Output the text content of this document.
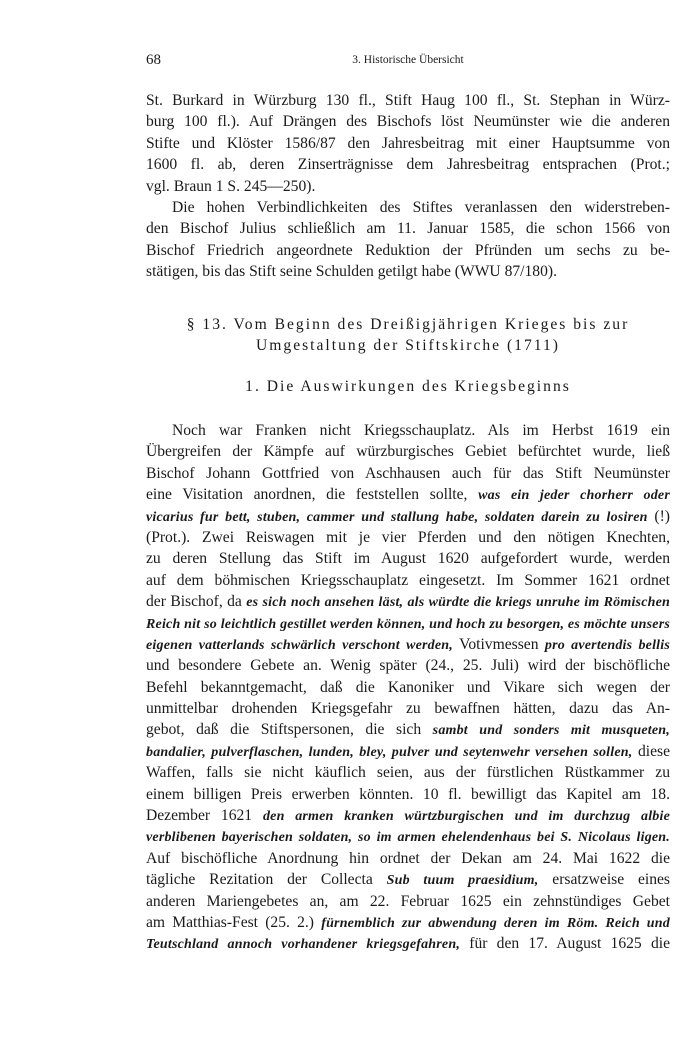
68	3. Historische Übersicht
St. Burkard in Würzburg 130 fl., Stift Haug 100 fl., St. Stephan in Würz-
burg 100 fl.). Auf Drängen des Bischofs löst Neumünster wie die anderen
Stifte und Klöster 1586/87 den Jahresbeitrag mit einer Hauptsumme von
1600 fl. ab, deren Zinserträgnisse dem Jahresbeitrag entsprachen (Prot.;
vgl. Braun 1 S. 245—250).
Die hohen Verbindlichkeiten des Stiftes veranlassen den widerstreben-
den Bischof Julius schließlich am 11. Januar 1585, die schon 1566 von
Bischof Friedrich angeordnete Reduktion der Pfründen um sechs zu be-
stätigen, bis das Stift seine Schulden getilgt habe (WWU 87/180).
§ 13. Vom Beginn des Dreißigjährigen Krieges bis zur
Umgestaltung der Stiftskirche (1711)
1. Die Auswirkungen des Kriegsbeginns
Noch war Franken nicht Kriegsschauplatz. Als im Herbst 1619 ein
Übergreifen der Kämpfe auf würzburgisches Gebiet befürchtet wurde, ließ
Bischof Johann Gottfried von Aschhausen auch für das Stift Neumünster
eine Visitation anordnen, die feststellen sollte, was ein jeder chorherr oder
vicarius fur bett, stuben, cammer und stallung habe, soldaten darein zu losiren (!)
(Prot.). Zwei Reiswagen mit je vier Pferden und den nötigen Knechten,
zu deren Stellung das Stift im August 1620 aufgefordert wurde, werden
auf dem böhmischen Kriegsschauplatz eingesetzt. Im Sommer 1621 ordnet
der Bischof, da es sich noch ansehen läst, als würdte die kriegs unruhe im Römischen
Reich nit so leichtlich gestillet werden können, und hoch zu besorgen, es möchte unsers
eigenen vatterlands schwärlich verschont werden, Votivmessen pro avertendis bellis
und besondere Gebete an. Wenig später (24., 25. Juli) wird der bischöfliche
Befehl bekanntgemacht, daß die Kanoniker und Vikare sich wegen der
unmittelbar drohenden Kriegsgefahr zu bewaffnen hätten, dazu das An-
gebot, daß die Stiftspersonen, die sich sambt und sonders mit musqueten,
bandalier, pulverflaschen, lunden, bley, pulver und seytenwehr versehen sollen, diese
Waffen, falls sie nicht käuflich seien, aus der fürstlichen Rüstkammer zu
einem billigen Preis erwerben könnten. 10 fl. bewilligt das Kapitel am 18.
Dezember 1621 den armen kranken würtzburgischen und im durchzug albie
verblibenen bayerischen soldaten, so im armen ehelendenhaus bei S. Nicolaus ligen.
Auf bischöfliche Anordnung hin ordnet der Dekan am 24. Mai 1622 die
tägliche Rezitation der Collecta Sub tuum praesidium, ersatzweise eines
anderen Mariengebetes an, am 22. Februar 1625 ein zehnstündiges Gebet
am Matthias-Fest (25. 2.) fürnemblich zur abwendung deren im Röm. Reich und
Teutschland annoch vorhandener kriegsgefahren, für den 17. August 1625 die
